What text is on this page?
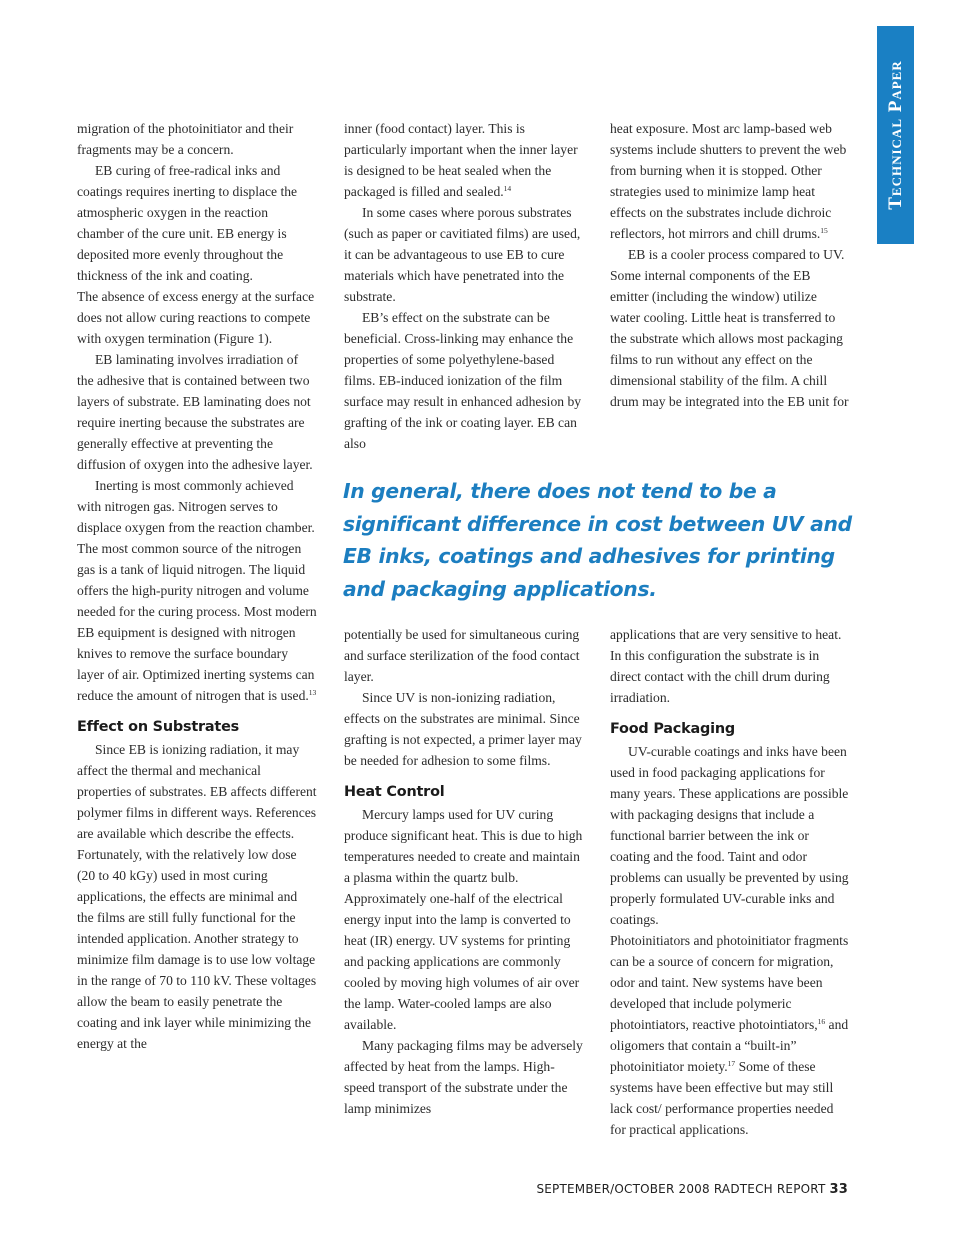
Technical Paper

migration of the photoinitiator and their fragments may be a concern.

EB curing of free-radical inks and coatings requires inerting to displace the atmospheric oxygen in the reaction chamber of the cure unit. EB energy is deposited more evenly throughout the thickness of the ink and coating.

The absence of excess energy at the surface does not allow curing reactions to compete with oxygen termination (Figure 1).

EB laminating involves irradiation of the adhesive that is contained between two layers of substrate. EB laminating does not require inerting because the substrates are generally effective at preventing the diffusion of oxygen into the adhesive layer.

Inerting is most commonly achieved with nitrogen gas. Nitrogen serves to displace oxygen from the reaction chamber. The most common source of the nitrogen gas is a tank of liquid nitrogen. The liquid offers the high-purity nitrogen and volume needed for the curing process. Most modern EB equipment is designed with nitrogen knives to remove the surface boundary layer of air. Optimized inerting systems can reduce the amount of nitrogen that is used.$^{13}$

Effect on Substrates

Since EB is ionizing radiation, it may affect the thermal and mechanical properties of substrates. EB affects different polymer films in different ways. References are available which describe the effects. Fortunately, with the relatively low dose (20 to 40 kGy) used in most curing applications, the effects are minimal and the films are still fully functional for the intended application. Another strategy to minimize film damage is to use low voltage in the range of 70 to 110 kV. These voltages allow the beam to easily penetrate the coating and ink layer while minimizing the energy at the

inner (food contact) layer. This is particularly important when the inner layer is designed to be heat sealed when the packaged is filled and sealed.$^{14}$

In some cases where porous substrates (such as paper or cavitiated films) are used, it can be advantageous to use EB to cure materials which have penetrated into the substrate.

EB’s effect on the substrate can be beneficial. Cross-linking may enhance the properties of some polyethylene-based films. EB-induced ionization of the film surface may result in enhanced adhesion by grafting of the ink or coating layer. EB can also

heat exposure. Most arc lamp-based web systems include shutters to prevent the web from burning when it is stopped. Other strategies used to minimize lamp heat effects on the substrates include dichroic reflectors, hot mirrors and chill drums.$^{15}$

EB is a cooler process compared to UV. Some internal components of the EB emitter (including the window) utilize water cooling. Little heat is transferred to the substrate which allows most packaging films to run without any effect on the dimensional stability of the film. A chill drum may be integrated into the EB unit for

In general, there does not tend to be a significant difference in cost between UV and EB inks, coatings and adhesives for printing and packaging applications.

potentially be used for simultaneous curing and surface sterilization of the food contact layer.

Since UV is non-ionizing radiation, effects on the substrates are minimal. Since grafting is not expected, a primer layer may be needed for adhesion to some films.

Heat Control

Mercury lamps used for UV curing produce significant heat. This is due to high temperatures needed to create and maintain a plasma within the quartz bulb. Approximately one-half of the electrical energy input into the lamp is converted to heat (IR) energy. UV systems for printing and packing applications are commonly cooled by moving high volumes of air over the lamp. Water-cooled lamps are also available.

Many packaging films may be adversely affected by heat from the lamps. High-speed transport of the substrate under the lamp minimizes

applications that are very sensitive to heat. In this configuration the substrate is in direct contact with the chill drum during irradiation.

Food Packaging

UV-curable coatings and inks have been used in food packaging applications for many years. These applications are possible with packaging designs that include a functional barrier between the ink or coating and the food. Taint and odor problems can usually be prevented by using properly formulated UV-curable inks and coatings.

Photoinitiators and photoinitiator fragments can be a source of concern for migration, odor and taint. New systems have been developed that include polymeric photointiators, reactive photointiators,$^{16}$ and oligomers that contain a “built-in” photoinitiator moiety.$^{17}$ Some of these systems have been effective but may still lack cost/ performance properties needed for practical applications.

SEPTEMBER/OCTOBER 2008 RADTECH REPORT 33
